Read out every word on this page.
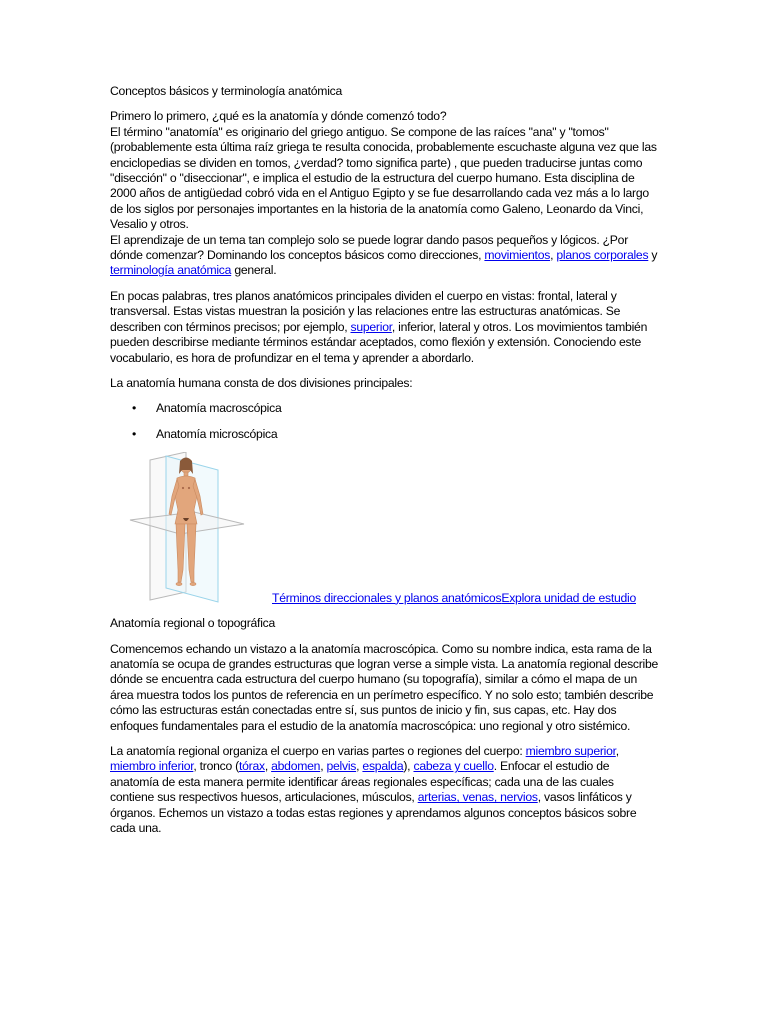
Conceptos básicos y terminología anatómica

Primero lo primero, ¿qué es la anatomía y dónde comenzó todo?
El término "anatomía" es originario del griego antiguo. Se compone de las raíces "ana" y "tomos" (probablemente esta última raíz griega te resulta conocida, probablemente escuchaste alguna vez que las enciclopedias se dividen en tomos, ¿verdad? tomo significa parte) , que pueden traducirse juntas como "disección" o "diseccionar", e implica el estudio de la estructura del cuerpo humano. Esta disciplina de 2000 años de antigüedad cobró vida en el Antiguo Egipto y se fue desarrollando cada vez más a lo largo de los siglos por personajes importantes en la historia de la anatomía como Galeno, Leonardo da Vinci, Vesalio y otros.
El aprendizaje de un tema tan complejo solo se puede lograr dando pasos pequeños y lógicos. ¿Por dónde comenzar? Dominando los conceptos básicos como direcciones, movimientos, planos corporales y terminología anatómica general.

En pocas palabras, tres planos anatómicos principales dividen el cuerpo en vistas: frontal, lateral y transversal. Estas vistas muestran la posición y las relaciones entre las estructuras anatómicas. Se describen con términos precisos; por ejemplo, superior, inferior, lateral y otros. Los movimientos también pueden describirse mediante términos estándar aceptados, como flexión y extensión. Conociendo este vocabulario, es hora de profundizar en el tema y aprender a abordarlo.

La anatomía humana consta de dos divisiones principales:

• Anatomía macroscópica
• Anatomía microscópica
Términos direccionales y planos anatómicosExplora unidad de estudio

Anatomía regional o topográfica

Comencemos echando un vistazo a la anatomía macroscópica. Como su nombre indica, esta rama de la anatomía se ocupa de grandes estructuras que logran verse a simple vista. La anatomía regional describe dónde se encuentra cada estructura del cuerpo humano (su topografía), similar a cómo el mapa de un área muestra todos los puntos de referencia en un perímetro específico. Y no solo esto; también describe cómo las estructuras están conectadas entre sí, sus puntos de inicio y fin, sus capas, etc. Hay dos enfoques fundamentales para el estudio de la anatomía macroscópica: uno regional y otro sistémico.

La anatomía regional organiza el cuerpo en varias partes o regiones del cuerpo: miembro superior, miembro inferior, tronco (tórax, abdomen, pelvis, espalda), cabeza y cuello. Enfocar el estudio de anatomía de esta manera permite identificar áreas regionales específicas; cada una de las cuales contiene sus respectivos huesos, articulaciones, músculos, arterias, venas, nervios, vasos linfáticos y órganos. Echemos un vistazo a todas estas regiones y aprendamos algunos conceptos básicos sobre cada una.
